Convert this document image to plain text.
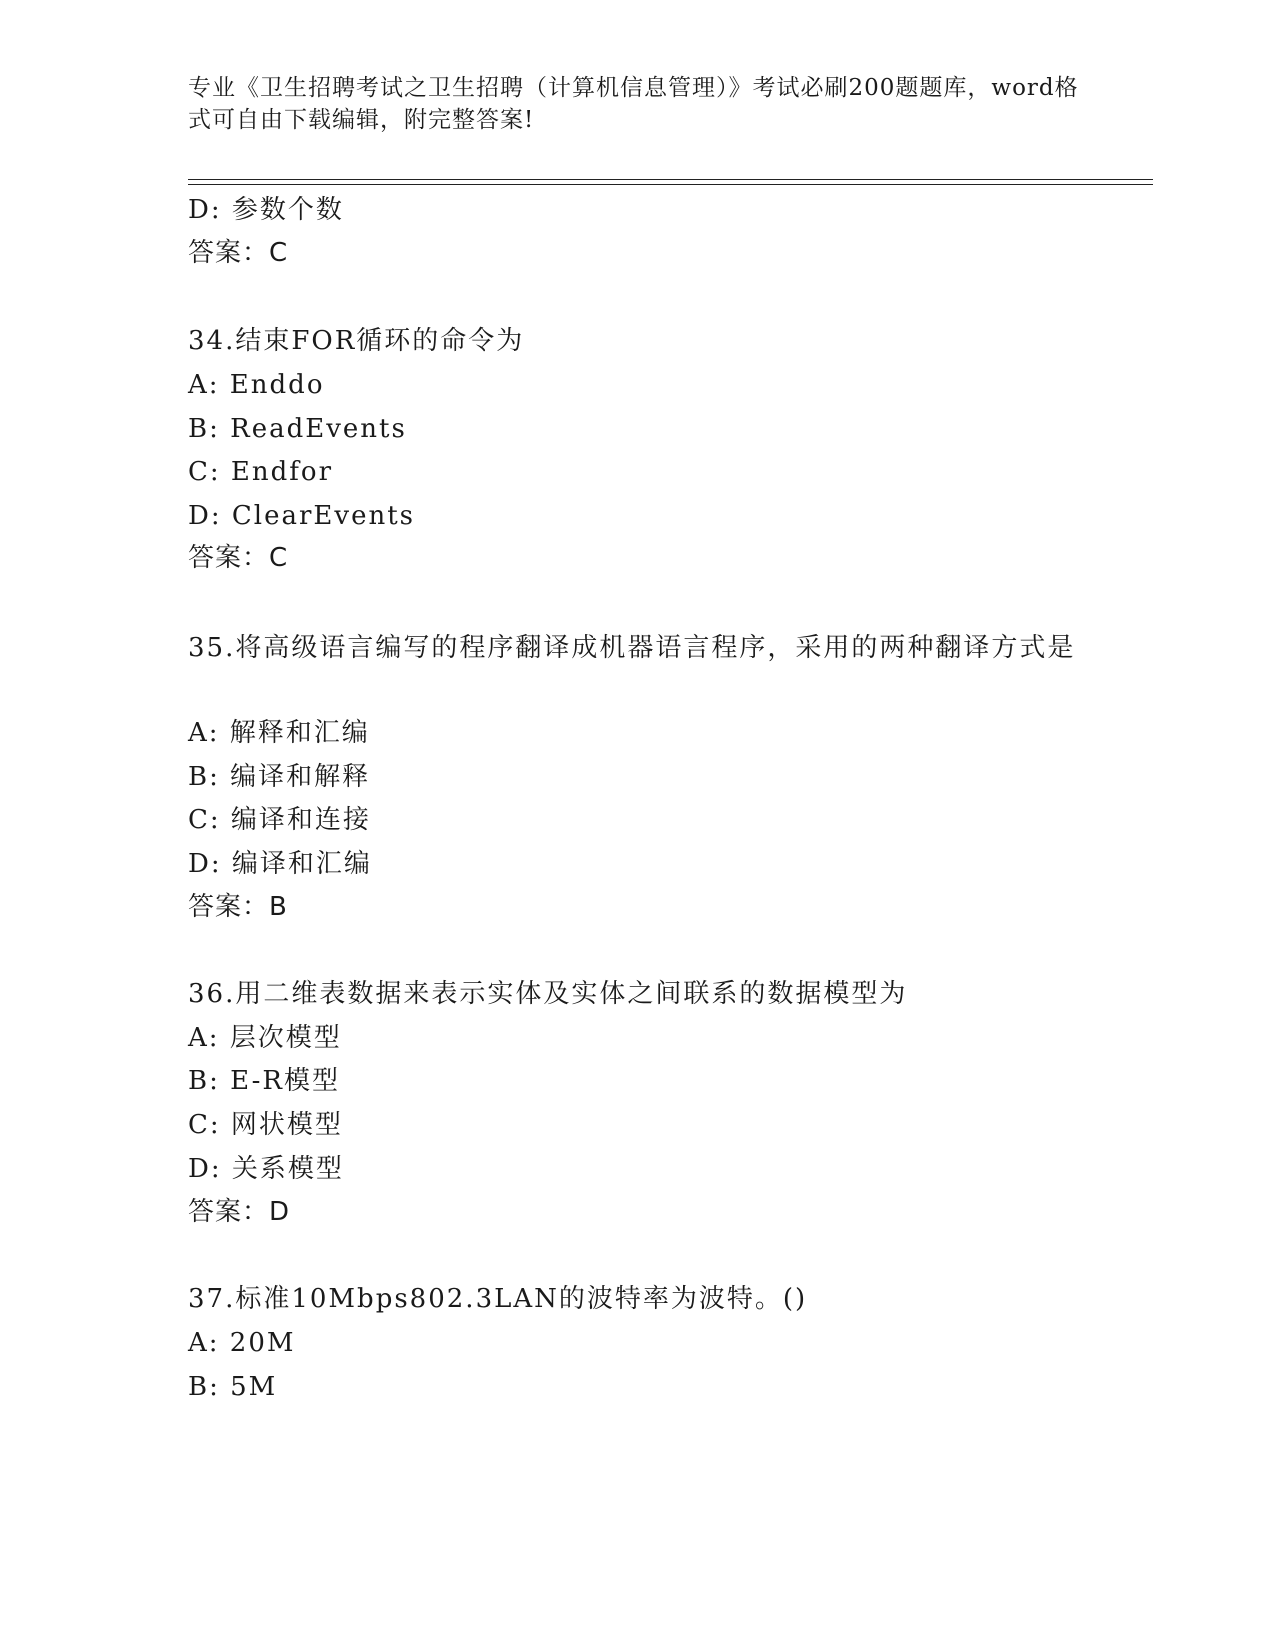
专业《卫生招聘考试之卫生招聘（计算机信息管理）》考试必刷200题题库，word格式可自由下载编辑，附完整答案!
D: 参数个数
答案：C
34.结束FOR循环的命令为
A: Enddo
B: ReadEvents
C: Endfor
D: ClearEvents
答案：C
35.将高级语言编写的程序翻译成机器语言程序，采用的两种翻译方式是
A: 解释和汇编
B: 编译和解释
C: 编译和连接
D: 编译和汇编
答案：B
36.用二维表数据来表示实体及实体之间联系的数据模型为
A: 层次模型
B: E-R模型
C: 网状模型
D: 关系模型
答案：D
37.标准10Mbps802.3LAN的波特率为波特。()
A: 20M
B: 5M
